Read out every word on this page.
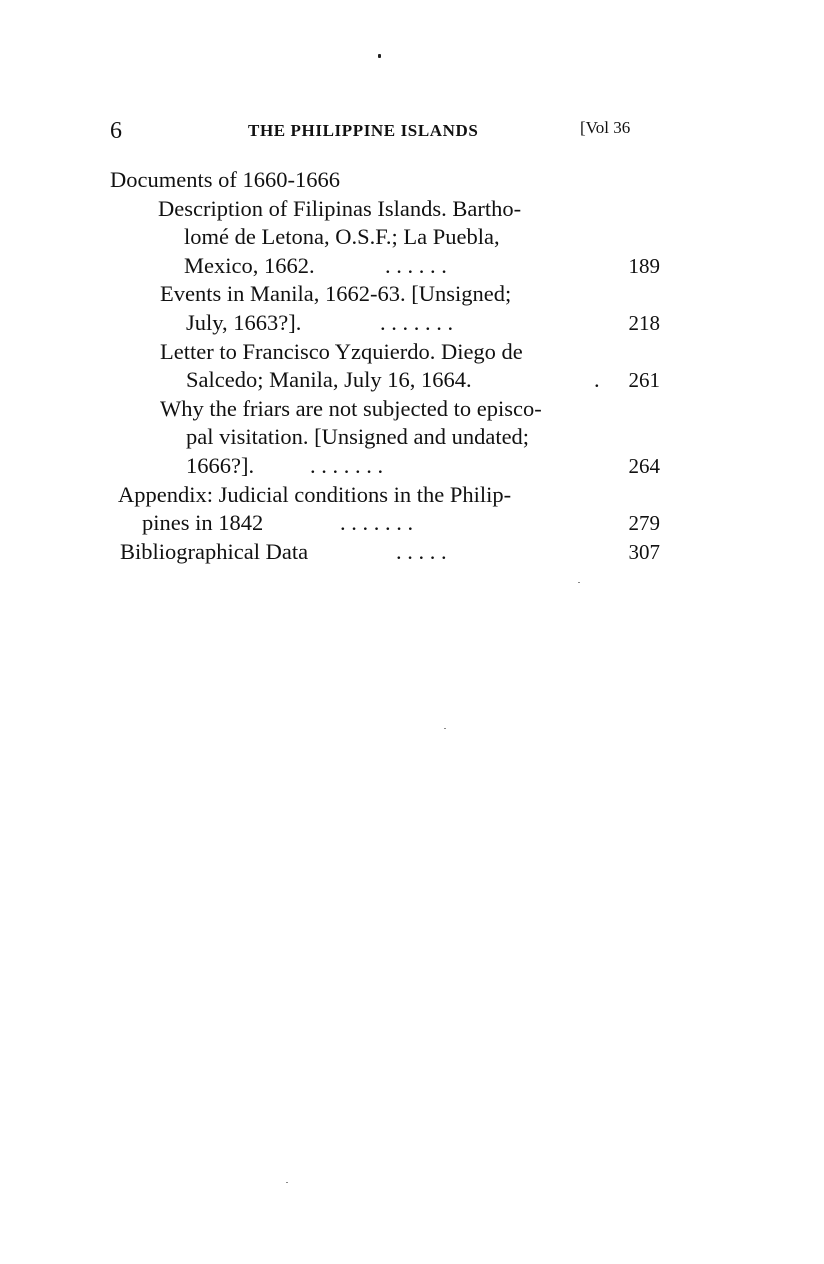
6	THE PHILIPPINE ISLANDS	[Vol 36
Documents of 1660-1666
Description of Filipinas Islands. Bartho-
lomé de Letona, O.S.F.; La Puebla,
Mexico, 1662.	. . . . . .	189
Events in Manila, 1662-63. [Unsigned;
July, 1663?].	. . . . . . .	218
Letter to Francisco Yzquierdo. Diego de
Salcedo; Manila, July 16, 1664.	. 261
Why the friars are not subjected to episco-
pal visitation. [Unsigned and undated;
1666?]. . . . . . . .	264
Appendix: Judicial conditions in the Philip-
pines in 1842	. . . . . . .	279
Bibliographical Data	. . . . .	307
